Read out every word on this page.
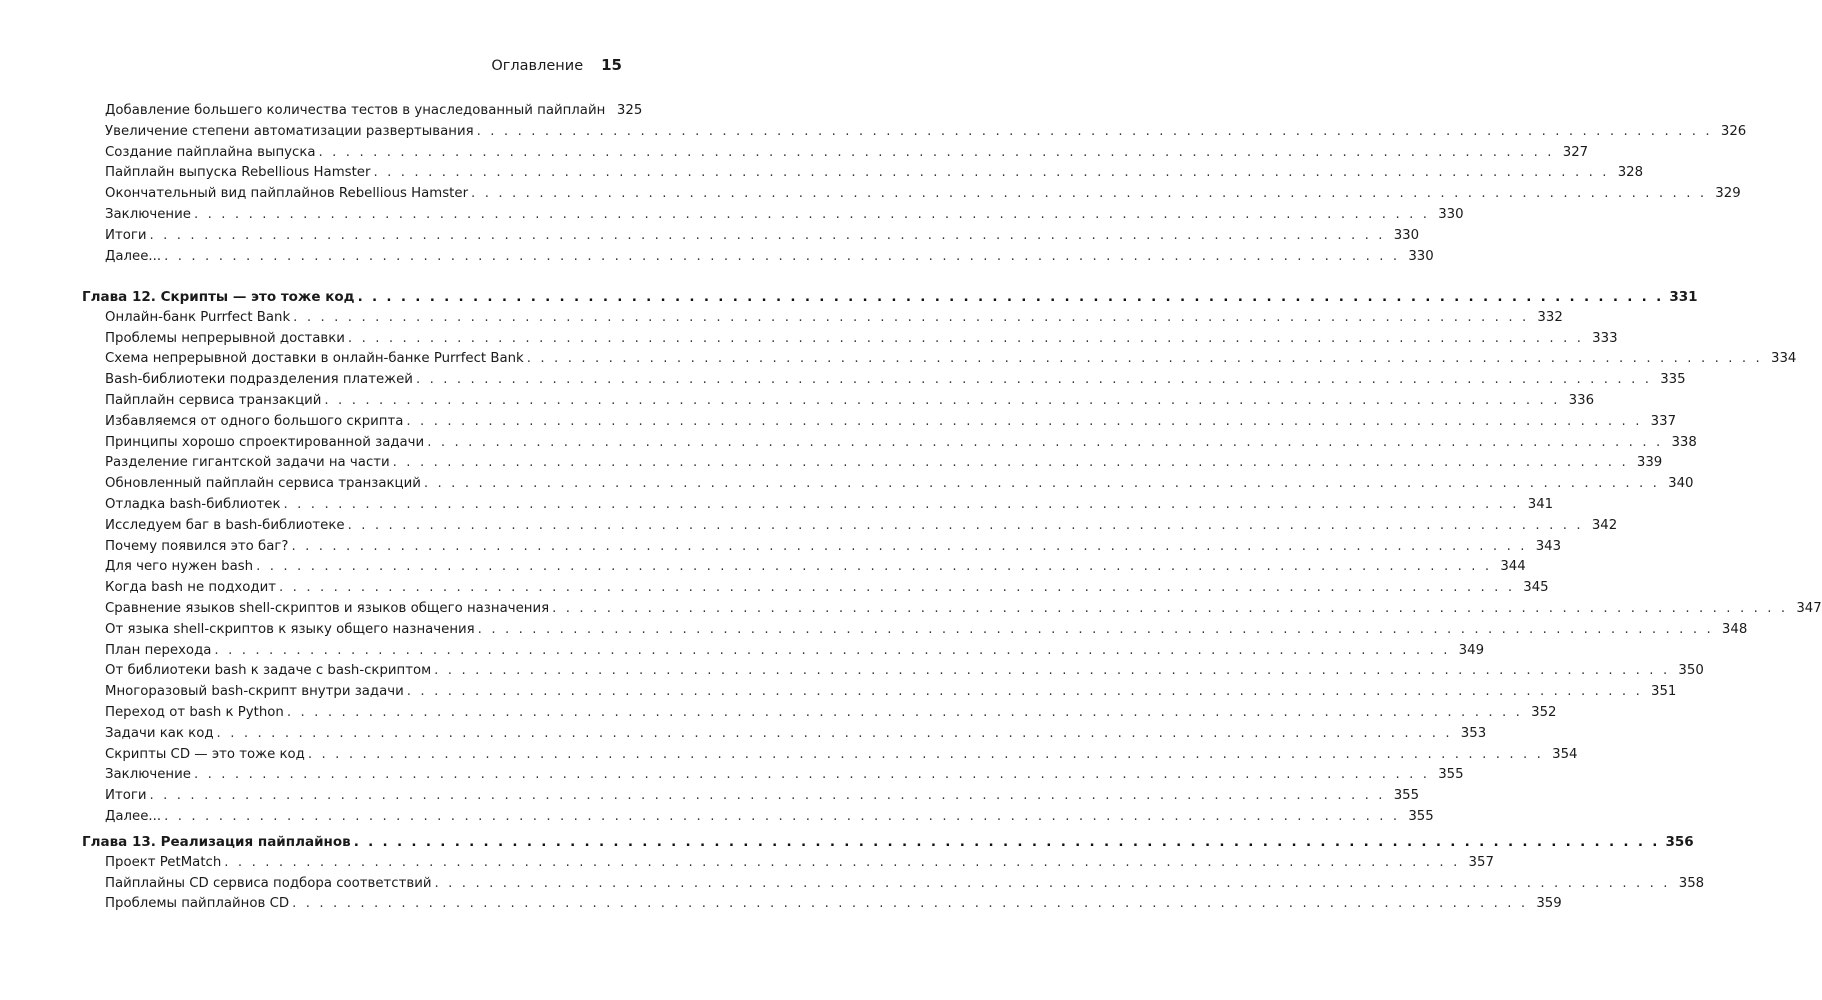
Оглавление 15
Добавление большего количества тестов в унаследованный пайплайн 325
Увеличение степени автоматизации развертывания . . . . . . . . . . . . . . . . . . . . . . . . . . . . . . . . . . . . . . . . . . . . . . . . . . . . . . . . . . . . . . . . . . . . . . . . . . . . . . . . . . . . . . . . . . . 326
Создание пайплайна выпуска . . . . . . . . . . . . . . . . . . . . . . . . . . . . . . . . . . . . . . . . . . . . . . . . . . . . . . . . . . . . . . . . . . . . . . . . . . . . . . . . . . . . . . . . . . . 327
Пайплайн выпуска Rebellious Hamster . . . . . . . . . . . . . . . . . . . . . . . . . . . . . . . . . . . . . . . . . . . . . . . . . . . . . . . . . . . . . . . . . . . . . . . . . . . . . . . . . . . . . . . . . . . 328
Окончательный вид пайплайнов Rebellious Hamster . . . . . . . . . . . . . . . . . . . . . . . . . . . . . . . . . . . . . . . . . . . . . . . . . . . . . . . . . . . . . . . . . . . . . . . . . . . . . . . . . . . . . . . . . . . 329
Заключение . . . . . . . . . . . . . . . . . . . . . . . . . . . . . . . . . . . . . . . . . . . . . . . . . . . . . . . . . . . . . . . . . . . . . . . . . . . . . . . . . . . . . . . . . . . 330
Итоги . . . . . . . . . . . . . . . . . . . . . . . . . . . . . . . . . . . . . . . . . . . . . . . . . . . . . . . . . . . . . . . . . . . . . . . . . . . . . . . . . . . . . . . . . . . 330
Далее... . . . . . . . . . . . . . . . . . . . . . . . . . . . . . . . . . . . . . . . . . . . . . . . . . . . . . . . . . . . . . . . . . . . . . . . . . . . . . . . . . . . . . . . . . . . 330
Глава 12. Скрипты — это тоже код . . . . . . . . . . . . . . . . . . . . . . . . . . . . . . . . . . . . . . . . . . . . . . . . . . . . . . . . . . . . . . . . . . . . . . . . . . . . . . . . . . . . . . . . . . . 331
Онлайн-банк Purrfect Bank . . . . . . . . . . . . . . . . . . . . . . . . . . . . . . . . . . . . . . . . . . . . . . . . . . . . . . . . . . . . . . . . . . . . . . . . . . . . . . . . . . . . . . . . . . . 332
Проблемы непрерывной доставки . . . . . . . . . . . . . . . . . . . . . . . . . . . . . . . . . . . . . . . . . . . . . . . . . . . . . . . . . . . . . . . . . . . . . . . . . . . . . . . . . . . . . . . . . . . 333
Схема непрерывной доставки в онлайн-банке Purrfect Bank . . . . . . . . . . . . . . . . . . . . . . . . . . . . . . . . . . . . . . . . . . . . . . . . . . . . . . . . . . . . . . . . . . . . . . . . . . . . . . . . . . . . . . . . . . . 334
Bash-библиотеки подразделения платежей . . . . . . . . . . . . . . . . . . . . . . . . . . . . . . . . . . . . . . . . . . . . . . . . . . . . . . . . . . . . . . . . . . . . . . . . . . . . . . . . . . . . . . . . . . . 335
Пайплайн сервиса транзакций . . . . . . . . . . . . . . . . . . . . . . . . . . . . . . . . . . . . . . . . . . . . . . . . . . . . . . . . . . . . . . . . . . . . . . . . . . . . . . . . . . . . . . . . . . . 336
Избавляемся от одного большого скрипта . . . . . . . . . . . . . . . . . . . . . . . . . . . . . . . . . . . . . . . . . . . . . . . . . . . . . . . . . . . . . . . . . . . . . . . . . . . . . . . . . . . . . . . . . . . 337
Принципы хорошо спроектированной задачи . . . . . . . . . . . . . . . . . . . . . . . . . . . . . . . . . . . . . . . . . . . . . . . . . . . . . . . . . . . . . . . . . . . . . . . . . . . . . . . . . . . . . . . . . . . 338
Разделение гигантской задачи на части . . . . . . . . . . . . . . . . . . . . . . . . . . . . . . . . . . . . . . . . . . . . . . . . . . . . . . . . . . . . . . . . . . . . . . . . . . . . . . . . . . . . . . . . . . . 339
Обновленный пайплайн сервиса транзакций . . . . . . . . . . . . . . . . . . . . . . . . . . . . . . . . . . . . . . . . . . . . . . . . . . . . . . . . . . . . . . . . . . . . . . . . . . . . . . . . . . . . . . . . . . . 340
Отладка bash-библиотек . . . . . . . . . . . . . . . . . . . . . . . . . . . . . . . . . . . . . . . . . . . . . . . . . . . . . . . . . . . . . . . . . . . . . . . . . . . . . . . . . . . . . . . . . . . 341
Исследуем баг в bash-библиотеке . . . . . . . . . . . . . . . . . . . . . . . . . . . . . . . . . . . . . . . . . . . . . . . . . . . . . . . . . . . . . . . . . . . . . . . . . . . . . . . . . . . . . . . . . . . 342
Почему появился это баг? . . . . . . . . . . . . . . . . . . . . . . . . . . . . . . . . . . . . . . . . . . . . . . . . . . . . . . . . . . . . . . . . . . . . . . . . . . . . . . . . . . . . . . . . . . . 343
Для чего нужен bash . . . . . . . . . . . . . . . . . . . . . . . . . . . . . . . . . . . . . . . . . . . . . . . . . . . . . . . . . . . . . . . . . . . . . . . . . . . . . . . . . . . . . . . . . . . 344
Когда bash не подходит . . . . . . . . . . . . . . . . . . . . . . . . . . . . . . . . . . . . . . . . . . . . . . . . . . . . . . . . . . . . . . . . . . . . . . . . . . . . . . . . . . . . . . . . . . . 345
Сравнение языков shell-скриптов и языков общего назначения . . . . . . . . . . . . . . . . . . . . . . . . . . . . . . . . . . . . . . . . . . . . . . . . . . . . . . . . . . . . . . . . . . . . . . . . . . . . . . . . . . . . . . . . . . . 347
От языка shell-скриптов к языку общего назначения . . . . . . . . . . . . . . . . . . . . . . . . . . . . . . . . . . . . . . . . . . . . . . . . . . . . . . . . . . . . . . . . . . . . . . . . . . . . . . . . . . . . . . . . . . . 348
План перехода . . . . . . . . . . . . . . . . . . . . . . . . . . . . . . . . . . . . . . . . . . . . . . . . . . . . . . . . . . . . . . . . . . . . . . . . . . . . . . . . . . . . . . . . . . . 349
От библиотеки bash к задаче с bash-скриптом . . . . . . . . . . . . . . . . . . . . . . . . . . . . . . . . . . . . . . . . . . . . . . . . . . . . . . . . . . . . . . . . . . . . . . . . . . . . . . . . . . . . . . . . . . . 350
Многоразовый bash-скрипт внутри задачи . . . . . . . . . . . . . . . . . . . . . . . . . . . . . . . . . . . . . . . . . . . . . . . . . . . . . . . . . . . . . . . . . . . . . . . . . . . . . . . . . . . . . . . . . . . 351
Переход от bash к Python . . . . . . . . . . . . . . . . . . . . . . . . . . . . . . . . . . . . . . . . . . . . . . . . . . . . . . . . . . . . . . . . . . . . . . . . . . . . . . . . . . . . . . . . . . . 352
Задачи как код . . . . . . . . . . . . . . . . . . . . . . . . . . . . . . . . . . . . . . . . . . . . . . . . . . . . . . . . . . . . . . . . . . . . . . . . . . . . . . . . . . . . . . . . . . . 353
Скрипты CD — это тоже код . . . . . . . . . . . . . . . . . . . . . . . . . . . . . . . . . . . . . . . . . . . . . . . . . . . . . . . . . . . . . . . . . . . . . . . . . . . . . . . . . . . . . . . . . . . 354
Заключение . . . . . . . . . . . . . . . . . . . . . . . . . . . . . . . . . . . . . . . . . . . . . . . . . . . . . . . . . . . . . . . . . . . . . . . . . . . . . . . . . . . . . . . . . . . 355
Итоги . . . . . . . . . . . . . . . . . . . . . . . . . . . . . . . . . . . . . . . . . . . . . . . . . . . . . . . . . . . . . . . . . . . . . . . . . . . . . . . . . . . . . . . . . . . 355
Далее... . . . . . . . . . . . . . . . . . . . . . . . . . . . . . . . . . . . . . . . . . . . . . . . . . . . . . . . . . . . . . . . . . . . . . . . . . . . . . . . . . . . . . . . . . . . 355
Глава 13. Реализация пайплайнов . . . . . . . . . . . . . . . . . . . . . . . . . . . . . . . . . . . . . . . . . . . . . . . . . . . . . . . . . . . . . . . . . . . . . . . . . . . . . . . . . . . . . . . . . . . 356
Проект PetMatch . . . . . . . . . . . . . . . . . . . . . . . . . . . . . . . . . . . . . . . . . . . . . . . . . . . . . . . . . . . . . . . . . . . . . . . . . . . . . . . . . . . . . . . . . . . 357
Пайплайны CD сервиса подбора соответствий . . . . . . . . . . . . . . . . . . . . . . . . . . . . . . . . . . . . . . . . . . . . . . . . . . . . . . . . . . . . . . . . . . . . . . . . . . . . . . . . . . . . . . . . . . . 358
Проблемы пайплайнов CD . . . . . . . . . . . . . . . . . . . . . . . . . . . . . . . . . . . . . . . . . . . . . . . . . . . . . . . . . . . . . . . . . . . . . . . . . . . . . . . . . . . . . . . . . . . 359
